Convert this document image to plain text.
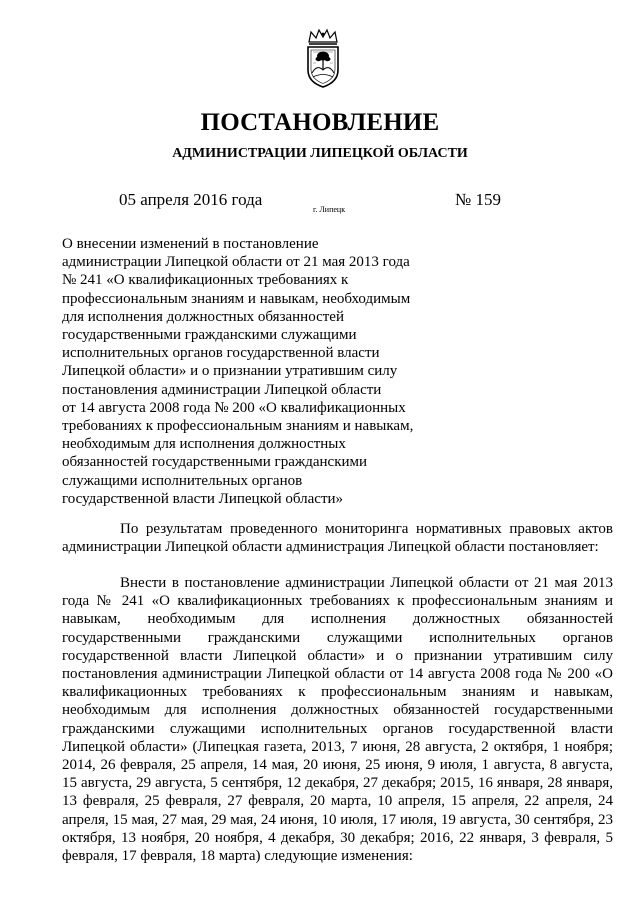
ПОСТАНОВЛЕНИЕ
АДМИНИСТРАЦИИ ЛИПЕЦКОЙ ОБЛАСТИ
05 апреля 2016 года
г. Липецк
№ 159
О внесении изменений в постановление
администрации Липецкой области от 21 мая 2013 года
№ 241 «О квалификационных требованиях к
профессиональным знаниям и навыкам, необходимым
для исполнения должностных обязанностей
государственными гражданскими служащими
исполнительных органов государственной власти
Липецкой области» и о признании утратившим силу
постановления администрации Липецкой области
от 14 августа 2008 года № 200 «О квалификационных
требованиях к профессиональным знаниям и навыкам,
необходимым для исполнения должностных
обязанностей государственными гражданскими
служащими исполнительных органов
государственной власти Липецкой области»

По результатам проведенного мониторинга нормативных правовых актов администрации Липецкой области администрация Липецкой области постановляет:

Внести в постановление администрации Липецкой области от 21 мая 2013 года № 241 «О квалификационных требованиях к профессиональным знаниям и навыкам, необходимым для исполнения должностных обязанностей государственными гражданскими служащими исполнительных органов государственной власти Липецкой области» и о признании утратившим силу постановления администрации Липецкой области от 14 августа 2008 года № 200 «О квалификационных требованиях к профессиональным знаниям и навыкам, необходимым для исполнения должностных обязанностей государственными гражданскими служащими исполнительных органов государственной власти Липецкой области» (Липецкая газета, 2013, 7 июня, 28 августа, 2 октября, 1 ноября; 2014, 26 февраля, 25 апреля, 14 мая, 20 июня, 25 июня, 9 июля, 1 августа, 8 августа, 15 августа, 29 августа, 5 сентября, 12 декабря, 27 декабря; 2015, 16 января, 28 января, 13 февраля, 25 февраля, 27 февраля, 20 марта, 10 апреля, 15 апреля, 22 апреля, 24 апреля, 15 мая, 27 мая, 29 мая, 24 июня, 10 июля, 17 июля, 19 августа, 30 сентября, 23 октября, 13 ноября, 20 ноября, 4 декабря, 30 декабря; 2016, 22 января, 3 февраля, 5 февраля, 17 февраля, 18 марта) следующие изменения:
